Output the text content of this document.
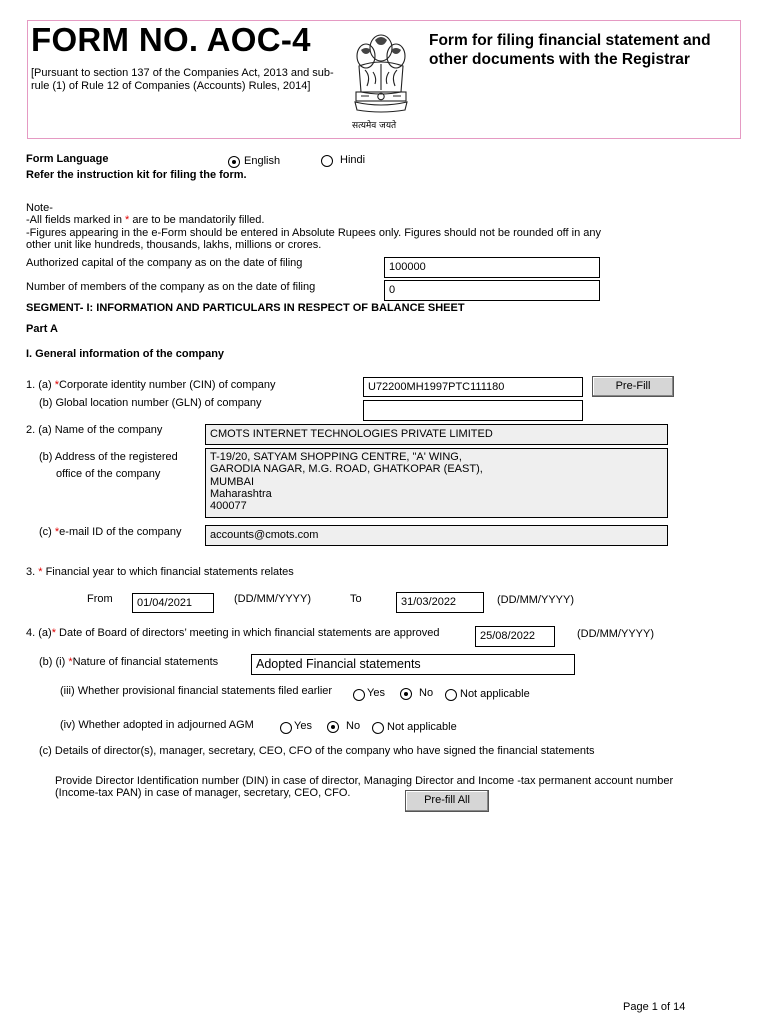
FORM NO. AOC-4
[Pursuant to section 137 of the Companies Act, 2013 and sub-rule (1) of Rule 12 of Companies (Accounts) Rules, 2014]
सत्यमेव जयते
Form for filing financial statement and other documents with the Registrar
Form Language	English	Hindi
Refer the instruction kit for filing the form.
Note-
-All fields marked in * are to be mandatorily filled.
-Figures appearing in the e-Form should be entered in Absolute Rupees only. Figures should not be rounded off in any
other unit like hundreds, thousands, lakhs, millions or crores.
Authorized capital of the company as on the date of filing	100000
Number of members of the company as on the date of filing	0
SEGMENT- I: INFORMATION AND PARTICULARS IN RESPECT OF BALANCE SHEET
Part A
I. General information of the company
1. (a) *Corporate identity number (CIN) of company	U72200MH1997PTC111180	Pre-Fill
(b) Global location number (GLN) of company
2. (a) Name of the company	CMOTS INTERNET TECHNOLOGIES PRIVATE LIMITED
(b) Address of the registered
office of the company
T-19/20, SATYAM SHOPPING CENTRE, "A' WING,
GARODIA NAGAR, M.G. ROAD, GHATKOPAR (EAST),
MUMBAI
Maharashtra
400077
(c) *e-mail ID of the company	accounts@cmots.com
3. * Financial year to which financial statements relates
From	01/04/2021	(DD/MM/YYYY)	To	31/03/2022	(DD/MM/YYYY)
4. (a)* Date of Board of directors’ meeting in which financial statements are approved	25/08/2022	(DD/MM/YYYY)
(b) (i) *Nature of financial statements	Adopted Financial statements
(iii) Whether provisional financial statements filed earlier	Yes	No Not applicable
(iv) Whether adopted in adjourned AGM	Yes	No Not applicable
(c) Details of director(s), manager, secretary, CEO, CFO of the company who have signed the financial statements
Provide Director Identification number (DIN) in case of director, Managing Director and Income -tax permanent account number
(Income-tax PAN) in case of manager, secretary, CEO, CFO.
Pre-fill All
Page 1 of 14
